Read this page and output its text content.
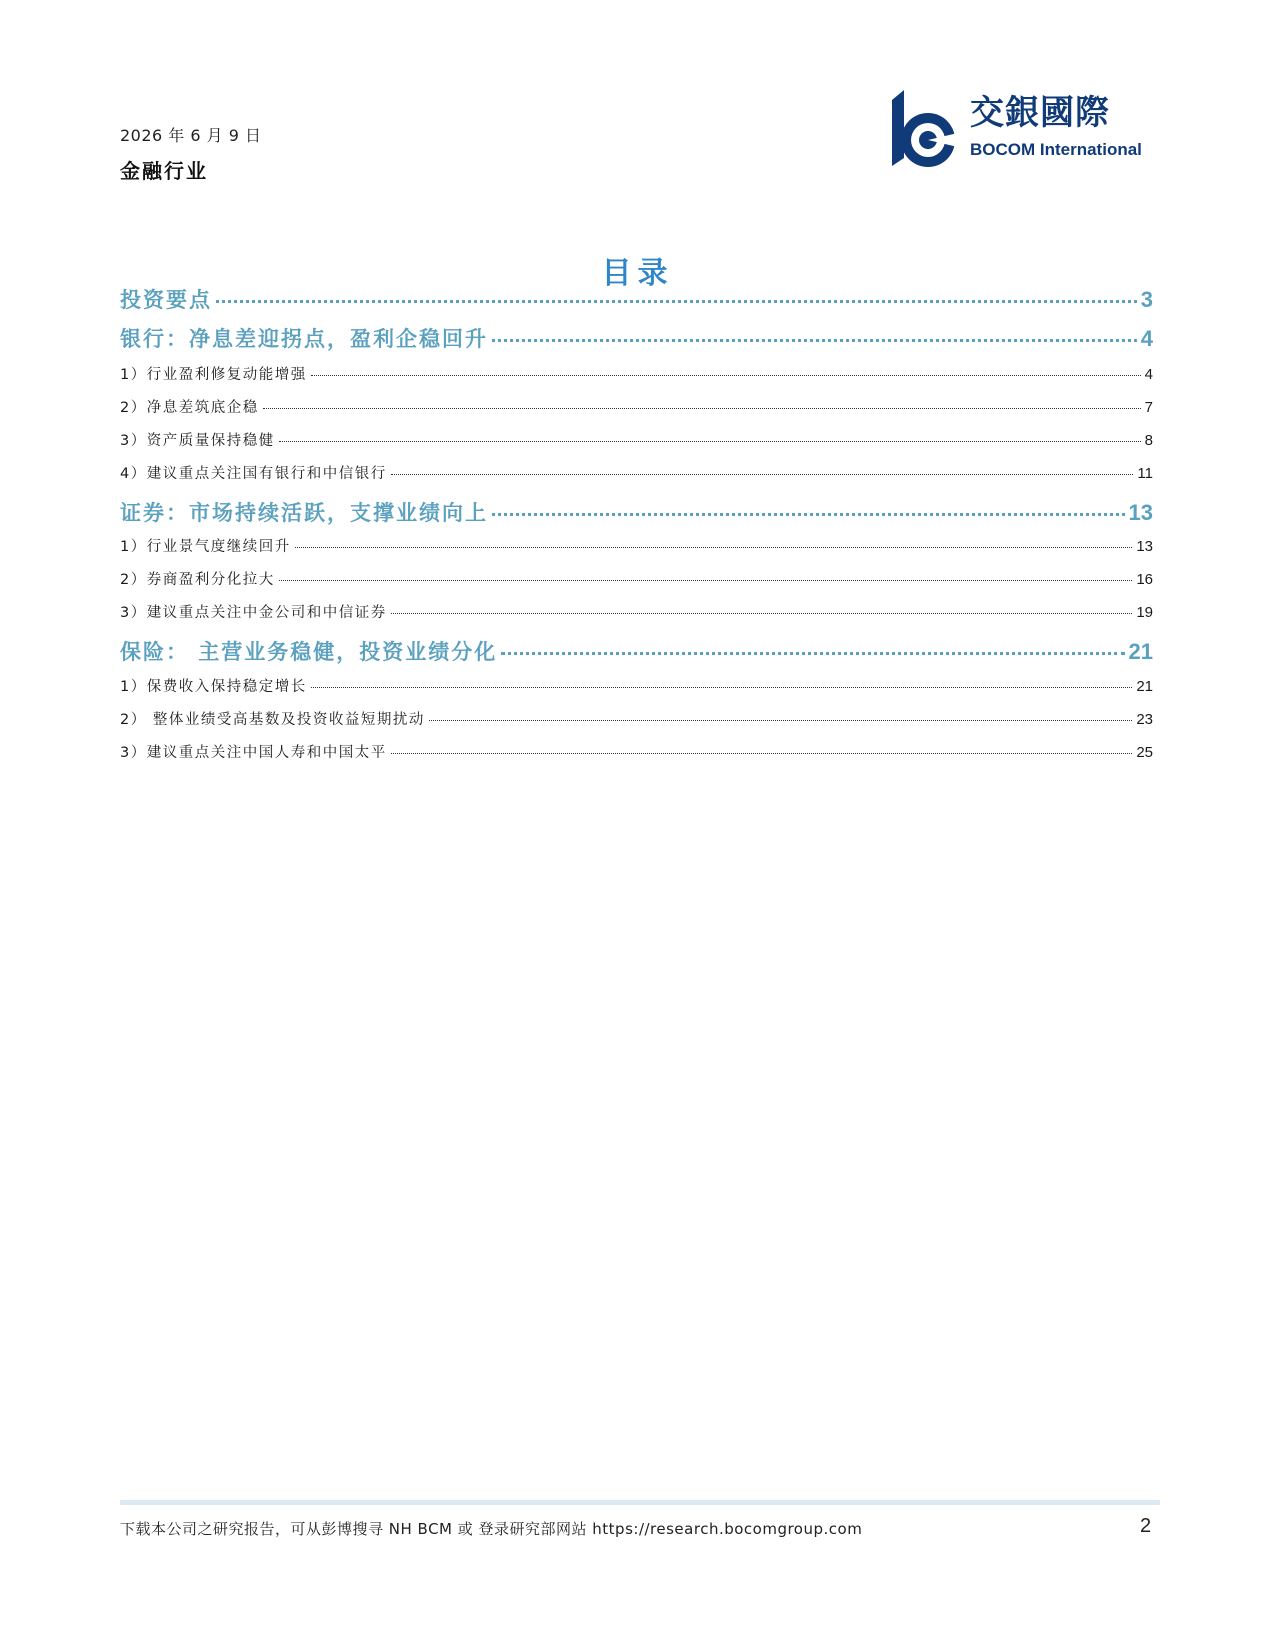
2026 年 6 月 9 日
金融行业
交銀國際
BOCOM International
目录
投资要点	3
银行：净息差迎拐点，盈利企稳回升	4
1）行业盈利修复动能增强	4
2）净息差筑底企稳	7
3）资产质量保持稳健	8
4）建议重点关注国有银行和中信银行	11
证券：市场持续活跃，支撑业绩向上	13
1）行业景气度继续回升	13
2）券商盈利分化拉大	16
3）建议重点关注中金公司和中信证券	19
保险： 主营业务稳健，投资业绩分化	21
1）保费收入保持稳定增长	21
2） 整体业绩受高基数及投资收益短期扰动	23
3）建议重点关注中国人寿和中国太平	25
下载本公司之研究报告，可从彭博搜寻 NH BCM 或 登录研究部网站 https://research.bocomgroup.com	2
